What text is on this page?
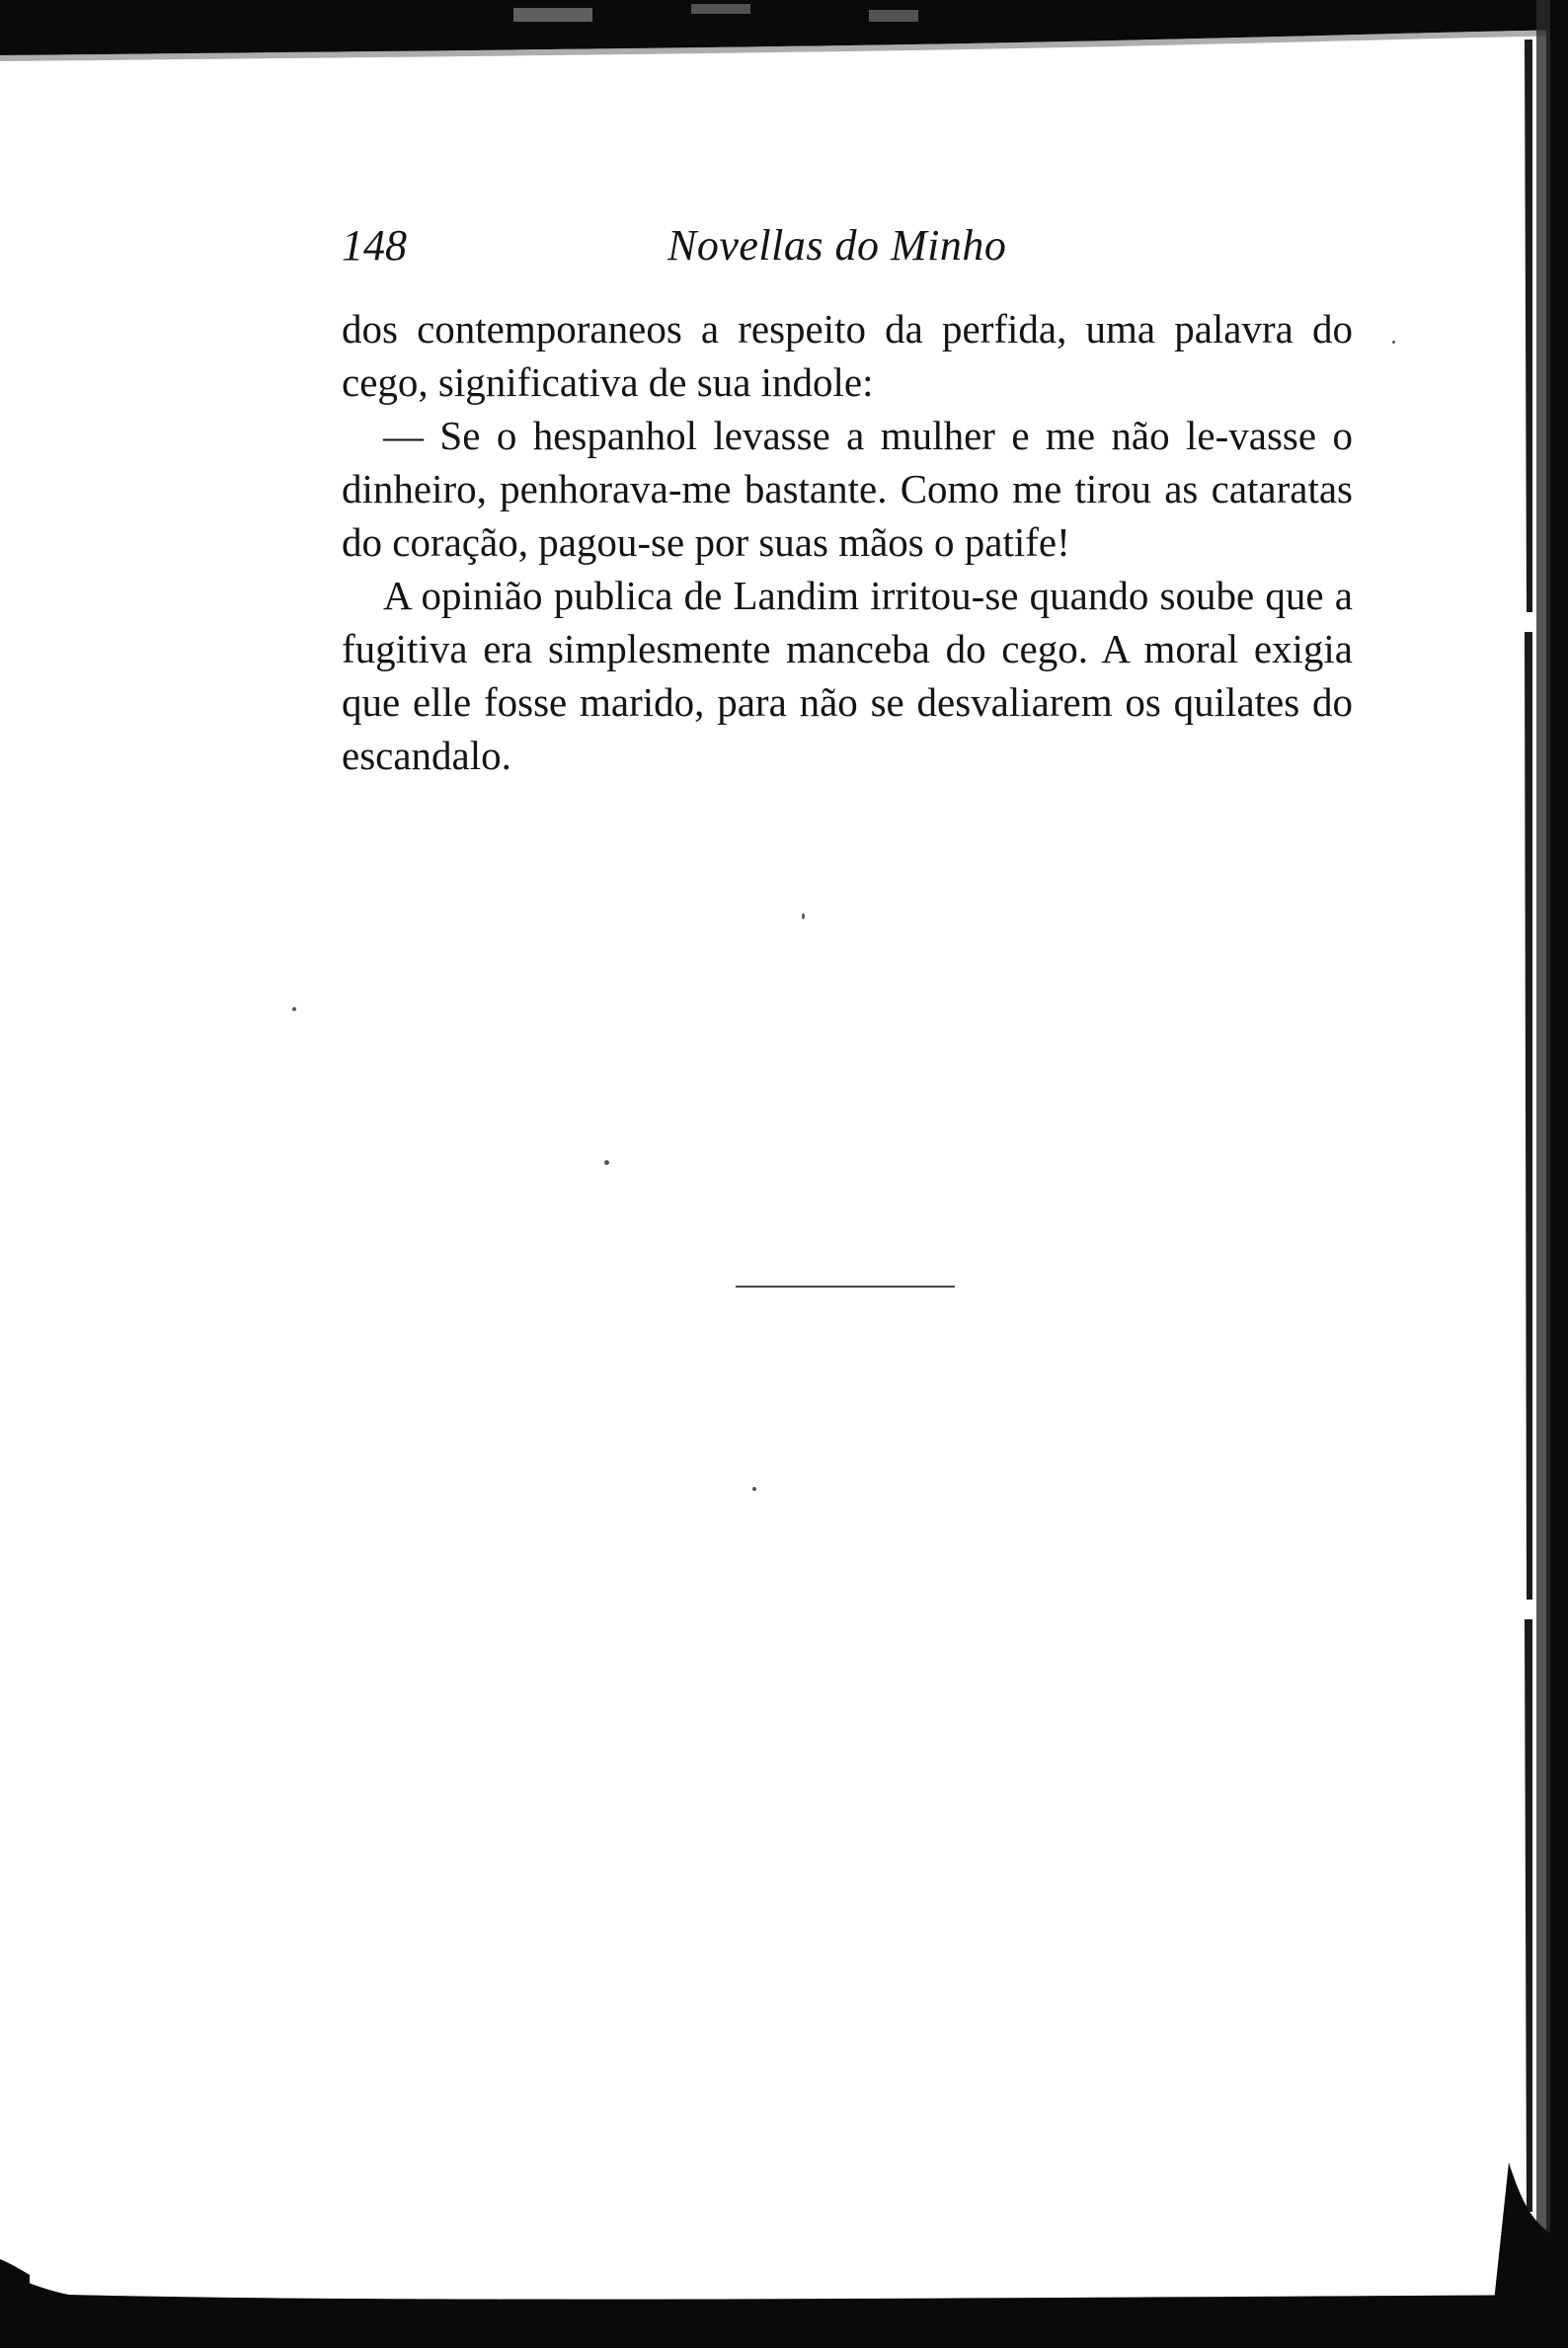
148	Novellas do Minho

dos contemporaneos a respeito da perfida, uma palavra do cego, significativa de sua indole:

— Se o hespanhol levasse a mulher e me não le-vasse o dinheiro, penhorava-me bastante. Como me tirou as cataratas do coração, pagou-se por suas mãos o patife!

A opinião publica de Landim irritou-se quando soube que a fugitiva era simplesmente manceba do cego. A moral exigia que elle fosse marido, para não se desvaliarem os quilates do escandalo.
